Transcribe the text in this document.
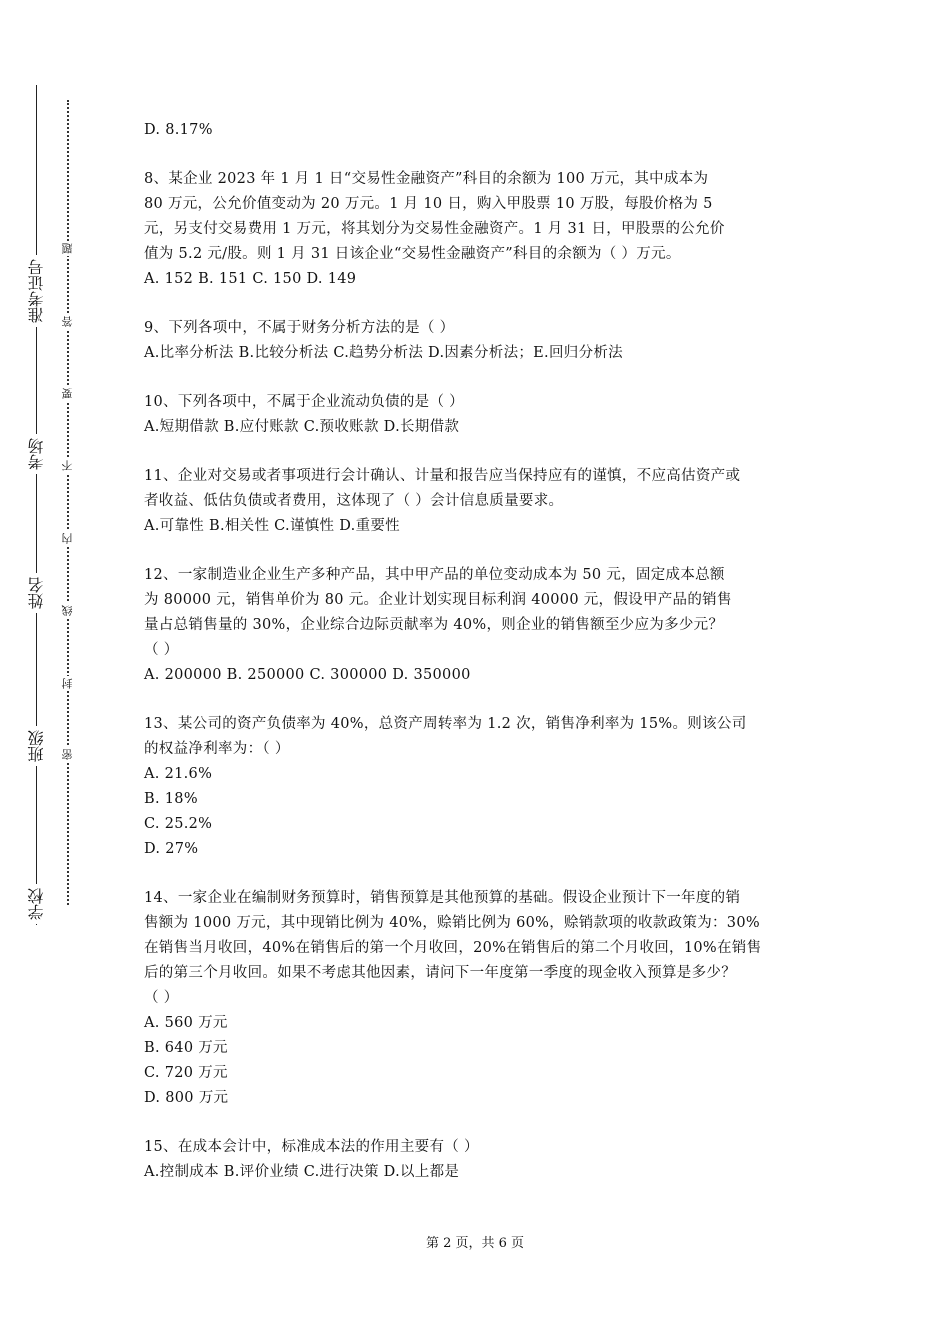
准考证号
考场
姓名
班级
学校
题
答
要
不
内
线
封
密

D. 8.17%

8、某企业 2023 年 1 月 1 日“交易性金融资产”科目的余额为 100 万元，其中成本为

80 万元，公允价值变动为 20 万元。1 月 10 日，购入甲股票 10 万股，每股价格为 5

元，另支付交易费用 1 万元，将其划分为交易性金融资产。1 月 31 日，甲股票的公允价

值为 5.2 元/股。则 1 月 31 日该企业“交易性金融资产”科目的余额为（ ）万元。

A. 152 B. 151 C. 150 D. 149

9、下列各项中，不属于财务分析方法的是（ ）

A.比率分析法 B.比较分析法 C.趋势分析法 D.因素分析法；E.回归分析法

10、下列各项中，不属于企业流动负债的是（ ）

A.短期借款 B.应付账款 C.预收账款 D.长期借款

11、企业对交易或者事项进行会计确认、计量和报告应当保持应有的谨慎，不应高估资产或

者收益、低估负债或者费用，这体现了（ ）会计信息质量要求。

A.可靠性 B.相关性 C.谨慎性 D.重要性

12、一家制造业企业生产多种产品，其中甲产品的单位变动成本为 50 元，固定成本总额

为 80000 元，销售单价为 80 元。企业计划实现目标利润 40000 元，假设甲产品的销售

量占总销售量的 30%，企业综合边际贡献率为 40%，则企业的销售额至少应为多少元？

（ ）

A. 200000 B. 250000 C. 300000 D. 350000

13、某公司的资产负债率为 40%，总资产周转率为 1.2 次，销售净利率为 15%。则该公司

的权益净利率为：（ ）

A. 21.6%

B. 18%

C. 25.2%

D. 27%

14、一家企业在编制财务预算时，销售预算是其他预算的基础。假设企业预计下一年度的销

售额为 1000 万元，其中现销比例为 40%，赊销比例为 60%，赊销款项的收款政策为：30%

在销售当月收回，40%在销售后的第一个月收回，20%在销售后的第二个月收回，10%在销售

后的第三个月收回。如果不考虑其他因素，请问下一年度第一季度的现金收入预算是多少？

（ ）

A. 560 万元

B. 640 万元

C. 720 万元

D. 800 万元

15、在成本会计中，标准成本法的作用主要有（ ）

A.控制成本 B.评价业绩 C.进行决策 D.以上都是

第 2 页，共 6 页
